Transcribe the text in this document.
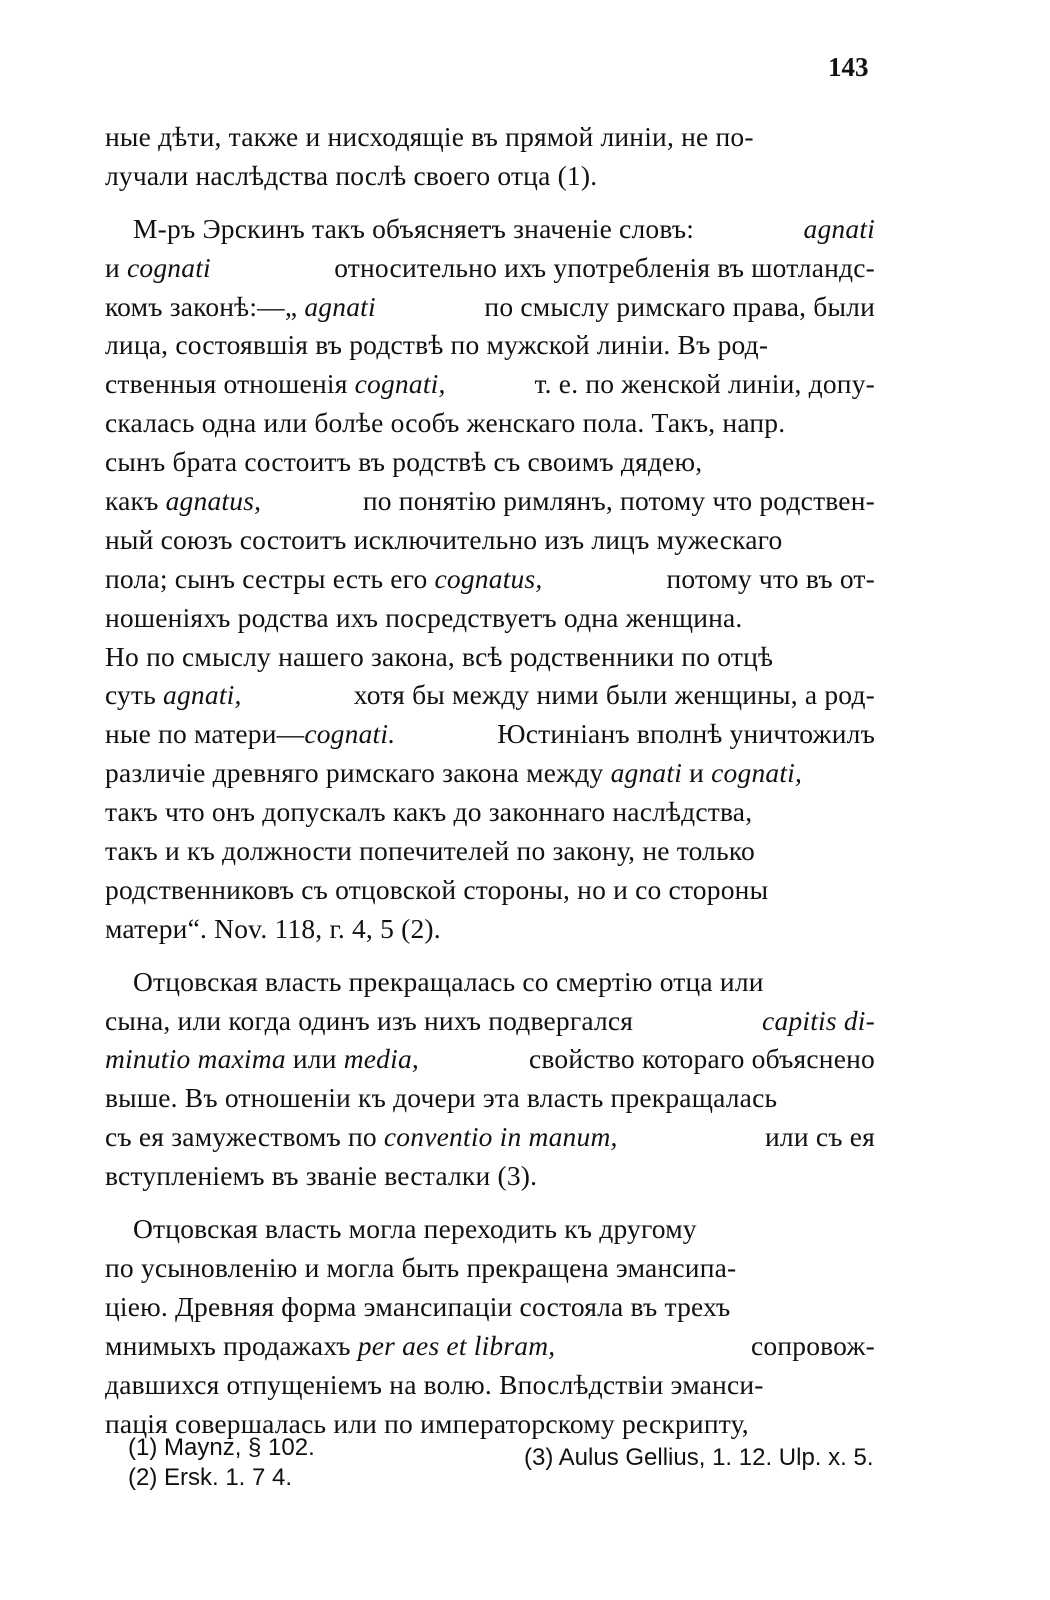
143
ные дѣти, также и нисходящіе въ прямой линіи, не по-
лучали наслѣдства послѣ своего отца (1).
М-ръ Эрскинъ такъ объясняетъ значеніе словъ:	agnati
и cognati	относительно ихъ употребленія въ шотландс-
комъ законѣ:—„ agnati	по смыслу римскаго права, были
лица, состоявшія въ родствѣ по мужской линіи. Въ род-
ственныя отношенія cognati,	т. е. по женской линіи, допу-
скалась одна или болѣе особъ женскаго пола. Такъ, напр.
сынъ брата состоитъ въ родствѣ съ своимъ дядею,
какъ agnatus,	по понятію римлянъ, потому что родствен-
ный союзъ состоитъ исключительно изъ лицъ мужескаго
пола; сынъ сестры есть его cognatus,	потому что въ от-
ношеніяхъ родства ихъ посредствуетъ одна женщина.
Но по смыслу нашего закона, всѣ родственники по отцѣ
суть agnati,	хотя бы между ними были женщины, а род-
ные по матери—cognati.	Юстиніанъ вполнѣ уничтожилъ
различіе древняго римскаго закона между agnati и cognati,
такъ что онъ допускалъ какъ до законнаго наслѣдства,
такъ и къ должности попечителей по закону, не только
родственниковъ съ отцовской стороны, но и со стороны
матери“. Nov. 118, г. 4, 5 (2).
Отцовская власть прекращалась со смертію отца или
сына, или когда одинъ изъ нихъ подвергался	capitis di-
minutio maxima или media,	свойство котораго объяснено
выше. Въ отношеніи къ дочери эта власть прекращалась
съ ея замужествомъ по conventio in manum,	или съ ея
вступленіемъ въ званіе весталки (3).
Отцовская власть могла переходить къ другому
по усыновленію и могла быть прекращена эмансипа-
ціею. Древняя форма эмансипаціи состояла въ трехъ
мнимыхъ продажахъ per aes et libram,	сопровож-
давшихся отпущеніемъ на волю. Впослѣдствіи эманси-
пація совершалась или по императорскому рескрипту,
(1) Maynz, § 102.
(2) Ersk. 1. 7 4.
(3) Aulus Gellius, 1. 12. Ulp. x. 5.
